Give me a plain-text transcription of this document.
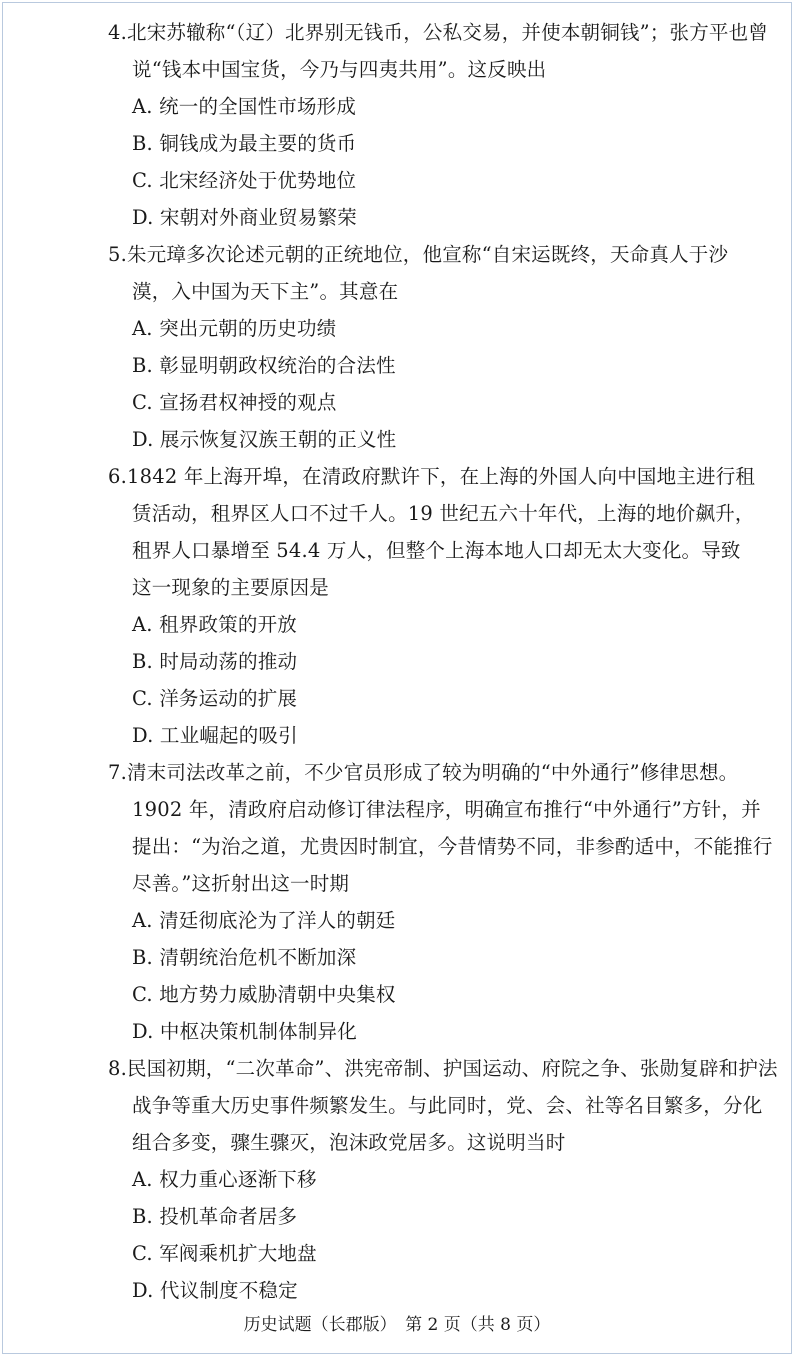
4.北宋苏辙称“（辽）北界别无钱币，公私交易，并使本朝铜钱”；张方平也曾
说“钱本中国宝货，今乃与四夷共用”。这反映出
A. 统一的全国性市场形成
B. 铜钱成为最主要的货币
C. 北宋经济处于优势地位
D. 宋朝对外商业贸易繁荣
5.朱元璋多次论述元朝的正统地位，他宣称“自宋运既终，天命真人于沙
漠，入中国为天下主”。其意在
A. 突出元朝的历史功绩
B. 彰显明朝政权统治的合法性
C. 宣扬君权神授的观点
D. 展示恢复汉族王朝的正义性
6.1842 年上海开埠，在清政府默许下，在上海的外国人向中国地主进行租
赁活动，租界区人口不过千人。19 世纪五六十年代，上海的地价飙升，
租界人口暴增至 54.4 万人，但整个上海本地人口却无太大变化。导致
这一现象的主要原因是
A. 租界政策的开放
B. 时局动荡的推动
C. 洋务运动的扩展
D. 工业崛起的吸引
7.清末司法改革之前，不少官员形成了较为明确的“中外通行”修律思想。
1902 年，清政府启动修订律法程序，明确宣布推行“中外通行”方针，并
提出：“为治之道，尤贵因时制宜，今昔情势不同，非参酌适中，不能推行
尽善。”这折射出这一时期
A. 清廷彻底沦为了洋人的朝廷
B. 清朝统治危机不断加深
C. 地方势力威胁清朝中央集权
D. 中枢决策机制体制异化
8.民国初期，“二次革命”、洪宪帝制、护国运动、府院之争、张勋复辟和护法
战争等重大历史事件频繁发生。与此同时，党、会、社等名目繁多，分化
组合多变，骤生骤灭，泡沫政党居多。这说明当时
A. 权力重心逐渐下移
B. 投机革命者居多
C. 军阀乘机扩大地盘
D. 代议制度不稳定
历史试题（长郡版）　第 2 页（共 8 页）
